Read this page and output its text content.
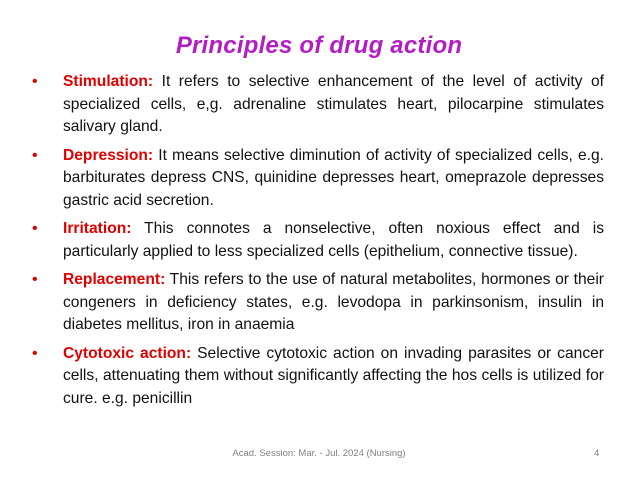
Principles of drug action
• Stimulation: It refers to selective enhancement of the level of activity of specialized cells, e,g. adrenaline stimulates heart, pilocarpine stimulates salivary gland.
• Depression: It means selective diminution of activity of specialized cells, e.g. barbiturates depress CNS, quinidine depresses heart, omeprazole depresses gastric acid secretion.
• Irritation: This connotes a nonselective, often noxious effect and is particularly applied to less specialized cells (epithelium, connective tissue).
• Replacement: This refers to the use of natural metabolites, hormones or their congeners in deficiency states, e.g. levodopa in parkinsonism, insulin in diabetes mellitus, iron in anaemia
• Cytotoxic action: Selective cytotoxic action on invading parasites or cancer cells, attenuating them without significantly affecting the hos cells is utilized for cure. e.g. penicillin
Acad. Session: Mar. - Jul. 2024 (Nursing)	4
